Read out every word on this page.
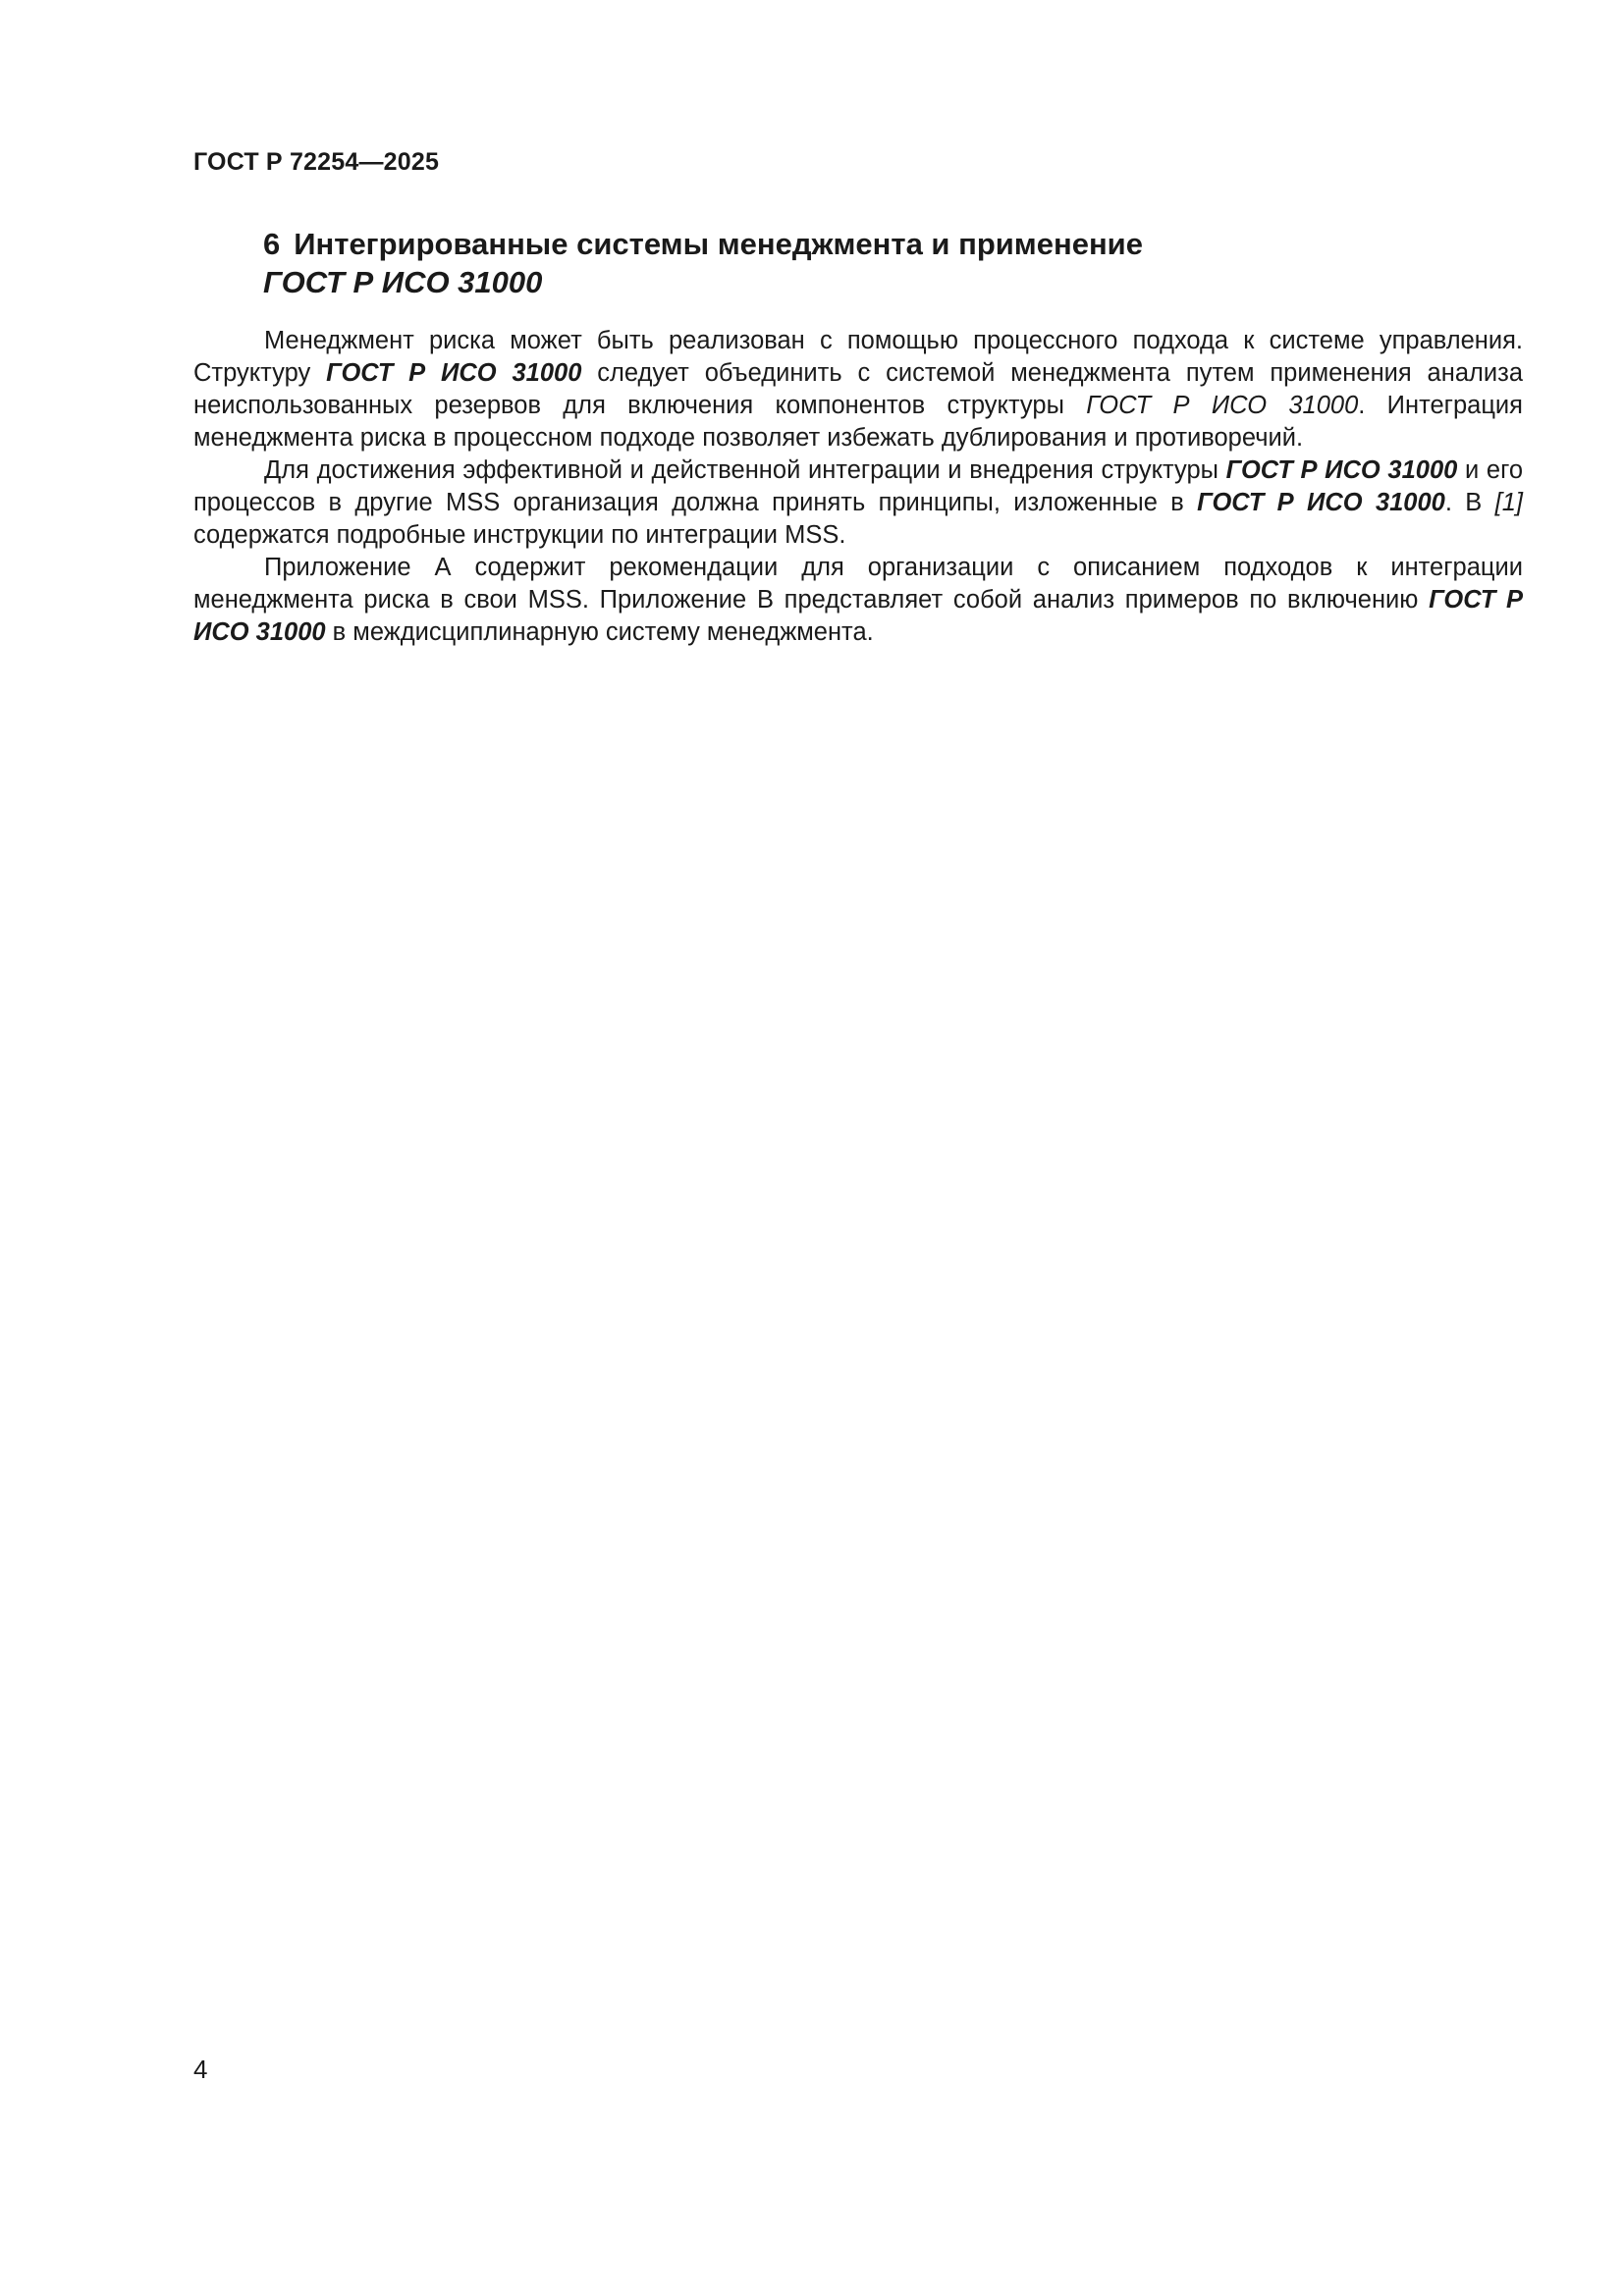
ГОСТ Р 72254—2025
6 Интегрированные системы менеджмента и применение
ГОСТ Р ИСО 31000

Менеджмент риска может быть реализован с помощью процессного подхода к системе управления. Структуру ГОСТ Р ИСО 31000 следует объединить с системой менеджмента путем применения анализа неиспользованных резервов для включения компонентов структуры ГОСТ Р ИСО 31000. Интеграция менеджмента риска в процессном подходе позволяет избежать дублирования и противоречий.

Для достижения эффективной и действенной интеграции и внедрения структуры ГОСТ Р ИСО 31000 и его процессов в другие MSS организация должна принять принципы, изложенные в ГОСТ Р ИСО 31000. В [1] содержатся подробные инструкции по интеграции MSS.

Приложение А содержит рекомендации для организации с описанием подходов к интеграции менеджмента риска в свои MSS. Приложение В представляет собой анализ примеров по включению ГОСТ Р ИСО 31000 в междисциплинарную систему менеджмента.

4
